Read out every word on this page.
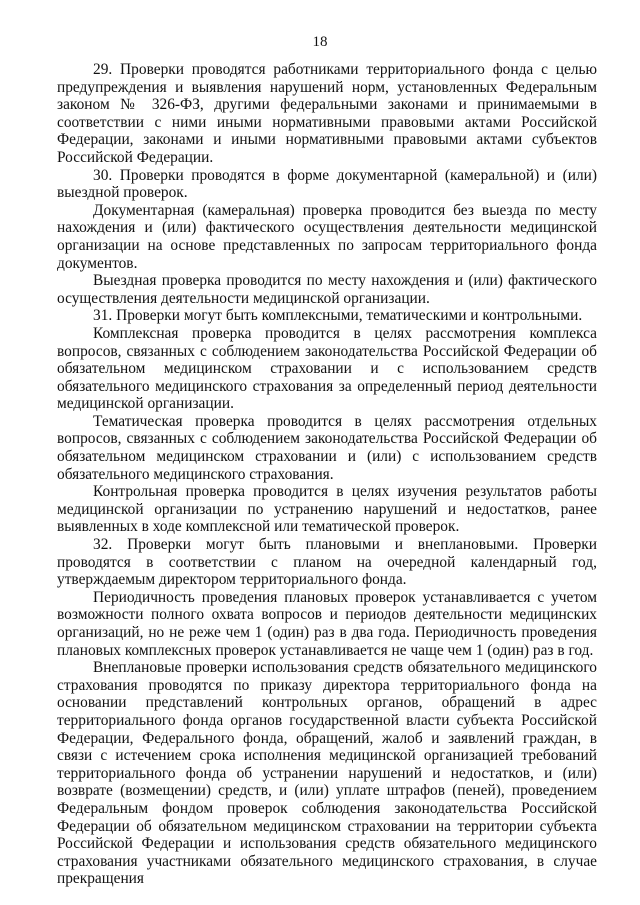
18

29. Проверки проводятся работниками территориального фонда с целью предупреждения и выявления нарушений норм, установленных Федеральным законом № 326-ФЗ, другими федеральными законами и принимаемыми в соответствии с ними иными нормативными правовыми актами Российской Федерации, законами и иными нормативными правовыми актами субъектов Российской Федерации.

30. Проверки проводятся в форме документарной (камеральной) и (или) выездной проверок.

Документарная (камеральная) проверка проводится без выезда по месту нахождения и (или) фактического осуществления деятельности медицинской организации на основе представленных по запросам территориального фонда документов.

Выездная проверка проводится по месту нахождения и (или) фактического осуществления деятельности медицинской организации.

31. Проверки могут быть комплексными, тематическими и контрольными.

Комплексная проверка проводится в целях рассмотрения комплекса вопросов, связанных с соблюдением законодательства Российской Федерации об обязательном медицинском страховании и с использованием средств обязательного медицинского страхования за определенный период деятельности медицинской организации.

Тематическая проверка проводится в целях рассмотрения отдельных вопросов, связанных с соблюдением законодательства Российской Федерации об обязательном медицинском страховании и (или) с использованием средств обязательного медицинского страхования.

Контрольная проверка проводится в целях изучения результатов работы медицинской организации по устранению нарушений и недостатков, ранее выявленных в ходе комплексной или тематической проверок.

32. Проверки могут быть плановыми и внеплановыми. Проверки проводятся в соответствии с планом на очередной календарный год, утверждаемым директором территориального фонда.

Периодичность проведения плановых проверок устанавливается с учетом возможности полного охвата вопросов и периодов деятельности медицинских организаций, но не реже чем 1 (один) раз в два года. Периодичность проведения плановых комплексных проверок устанавливается не чаще чем 1 (один) раз в год.

Внеплановые проверки использования средств обязательного медицинского страхования проводятся по приказу директора территориального фонда на основании представлений контрольных органов, обращений в адрес территориального фонда органов государственной власти субъекта Российской Федерации, Федерального фонда, обращений, жалоб и заявлений граждан, в связи с истечением срока исполнения медицинской организацией требований территориального фонда об устранении нарушений и недостатков, и (или) возврате (возмещении) средств, и (или) уплате штрафов (пеней), проведением Федеральным фондом проверок соблюдения законодательства Российской Федерации об обязательном медицинском страховании на территории субъекта Российской Федерации и использования средств обязательного медицинского страхования участниками обязательного медицинского страхования, в случае прекращения
